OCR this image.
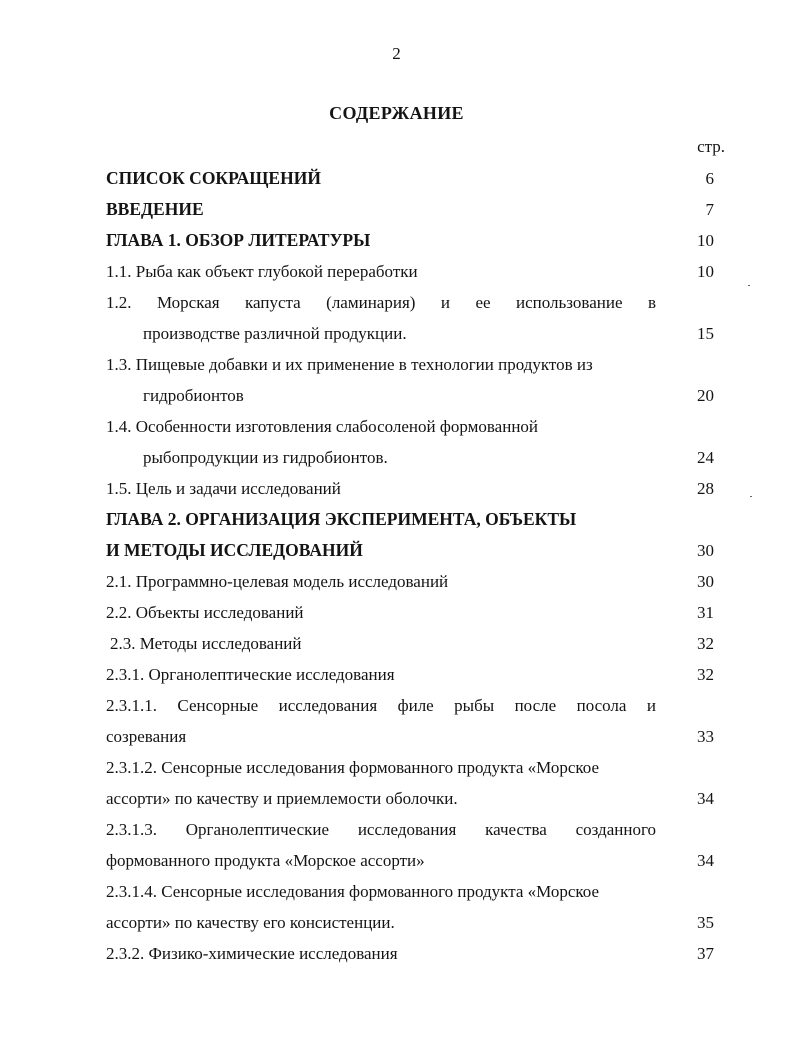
2
СОДЕРЖАНИЕ
стр.
СПИСОК СОКРАЩЕНИЙ	6
ВВЕДЕНИЕ	7
ГЛАВА 1. ОБЗОР ЛИТЕРАТУРЫ	10
1.1. Рыба как объект глубокой переработки	10
1.2. Морская капуста (ламинария) и ее использование в
производстве различной продукции.	15
1.3. Пищевые добавки и их применение в технологии продуктов из
гидробионтов	20
1.4. Особенности изготовления слабосоленой формованной
рыбопродукции из гидробионтов.	24
1.5. Цель и задачи исследований	28
ГЛАВА 2. ОРГАНИЗАЦИЯ ЭКСПЕРИМЕНТА, ОБЪЕКТЫ
И МЕТОДЫ ИССЛЕДОВАНИЙ	30
2.1. Программно-целевая модель исследований	30
2.2. Объекты исследований	31
2.3. Методы исследований	32
2.3.1. Органолептические исследования	32
2.3.1.1. Сенсорные исследования филе рыбы после посола и
созревания	33
2.3.1.2. Сенсорные исследования формованного продукта «Морское
ассорти» по качеству и приемлемости оболочки.	34
2.3.1.3. Органолептические исследования качества созданного
формованного продукта «Морское ассорти»	34
2.3.1.4. Сенсорные исследования формованного продукта «Морское
ассорти» по качеству его консистенции.	35
2.3.2. Физико-химические исследования	37
